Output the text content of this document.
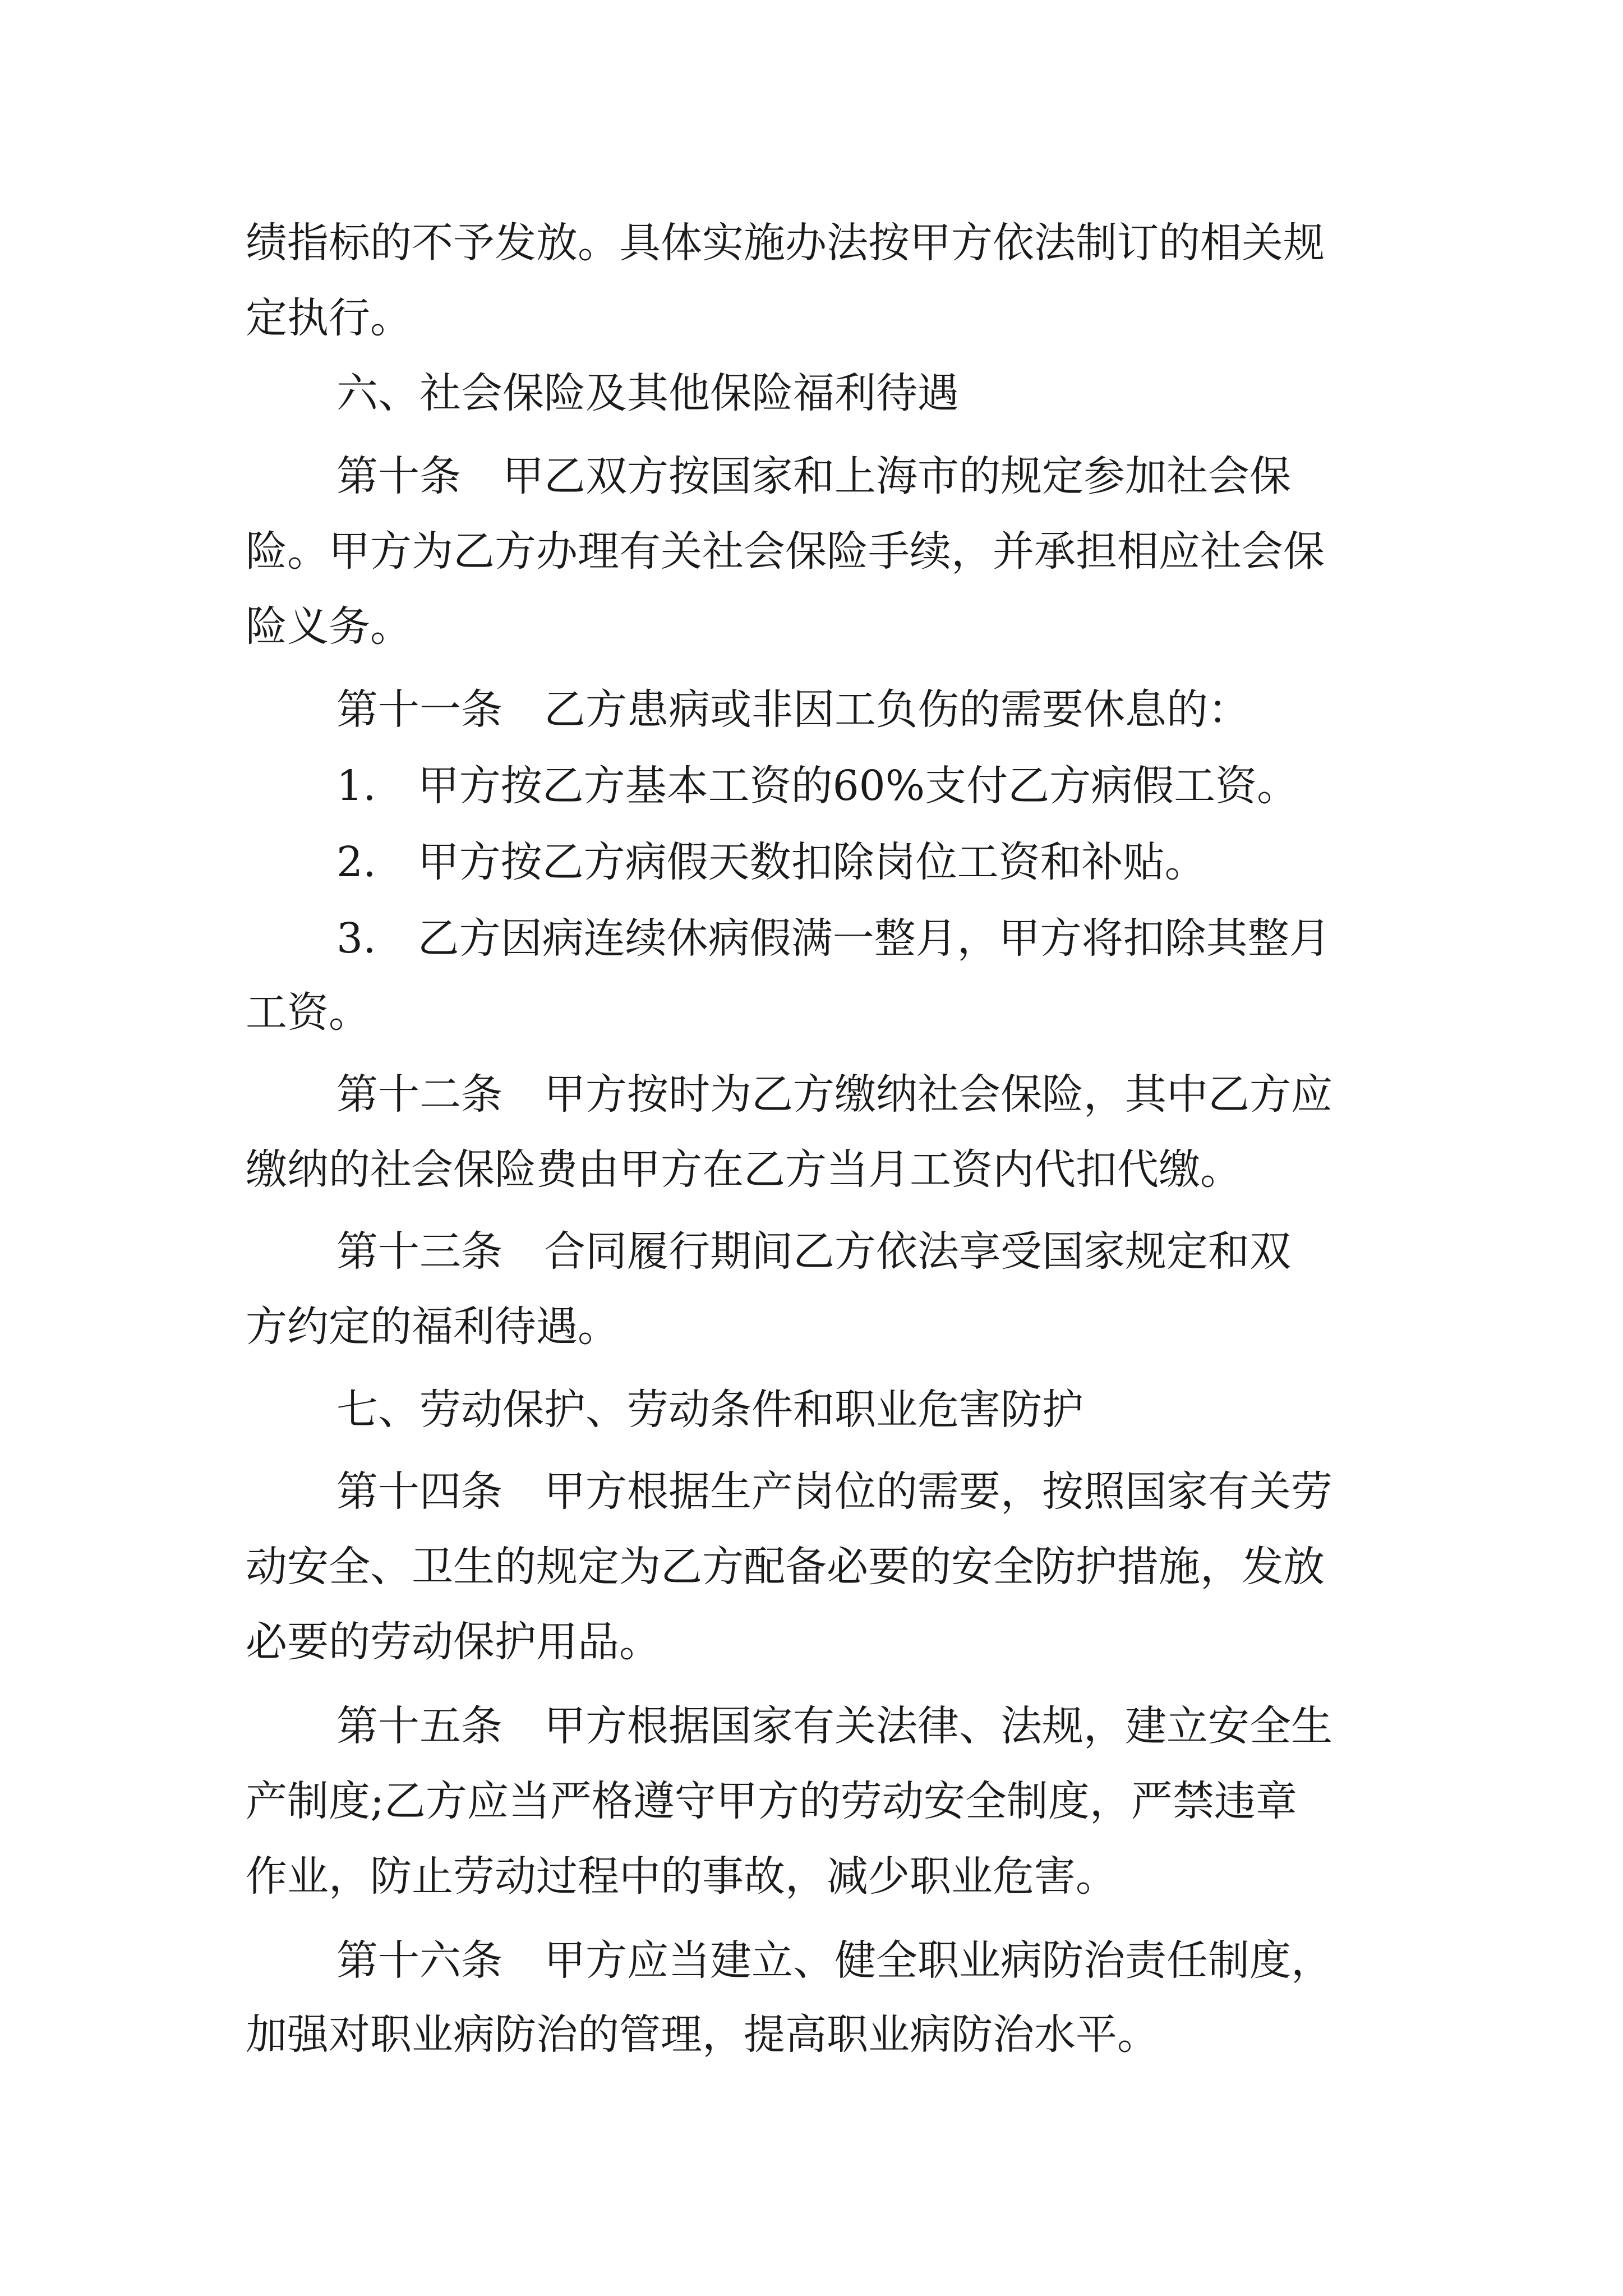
绩指标的不予发放。具体实施办法按甲方依法制订的相关规
定执行。
六、社会保险及其他保险福利待遇
第十条　甲乙双方按国家和上海市的规定参加社会保
险。甲方为乙方办理有关社会保险手续，并承担相应社会保
险义务。
第十一条　乙方患病或非因工负伤的需要休息的：
1.　甲方按乙方基本工资的60%支付乙方病假工资。
2.　甲方按乙方病假天数扣除岗位工资和补贴。
3.　乙方因病连续休病假满一整月，甲方将扣除其整月
工资。
第十二条　甲方按时为乙方缴纳社会保险，其中乙方应
缴纳的社会保险费由甲方在乙方当月工资内代扣代缴。
第十三条　合同履行期间乙方依法享受国家规定和双
方约定的福利待遇。
七、劳动保护、劳动条件和职业危害防护
第十四条　甲方根据生产岗位的需要，按照国家有关劳
动安全、卫生的规定为乙方配备必要的安全防护措施，发放
必要的劳动保护用品。
第十五条　甲方根据国家有关法律、法规，建立安全生
产制度;乙方应当严格遵守甲方的劳动安全制度，严禁违章
作业，防止劳动过程中的事故，减少职业危害。
第十六条　甲方应当建立、健全职业病防治责任制度，
加强对职业病防治的管理，提高职业病防治水平。
